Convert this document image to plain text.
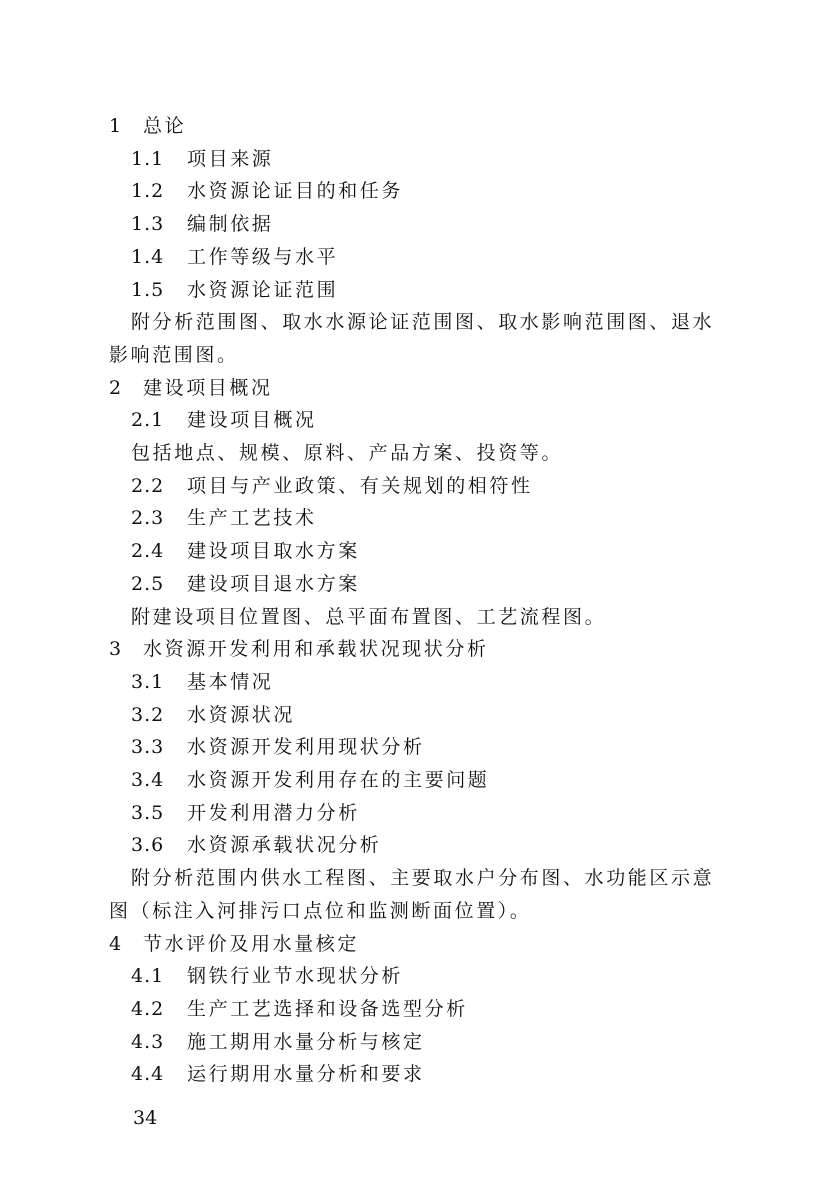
1 总论
1.1 项目来源
1.2 水资源论证目的和任务
1.3 编制依据
1.4 工作等级与水平
1.5 水资源论证范围
附分析范围图、取水水源论证范围图、取水影响范围图、退水
影响范围图。
2 建设项目概况
2.1 建设项目概况
包括地点、规模、原料、产品方案、投资等。
2.2 项目与产业政策、有关规划的相符性
2.3 生产工艺技术
2.4 建设项目取水方案
2.5 建设项目退水方案
附建设项目位置图、总平面布置图、工艺流程图。
3 水资源开发利用和承载状况现状分析
3.1 基本情况
3.2 水资源状况
3.3 水资源开发利用现状分析
3.4 水资源开发利用存在的主要问题
3.5 开发利用潜力分析
3.6 水资源承载状况分析
附分析范围内供水工程图、主要取水户分布图、水功能区示意
图（标注入河排污口点位和监测断面位置）。
4 节水评价及用水量核定
4.1 钢铁行业节水现状分析
4.2 生产工艺选择和设备选型分析
4.3 施工期用水量分析与核定
4.4 运行期用水量分析和要求
34
